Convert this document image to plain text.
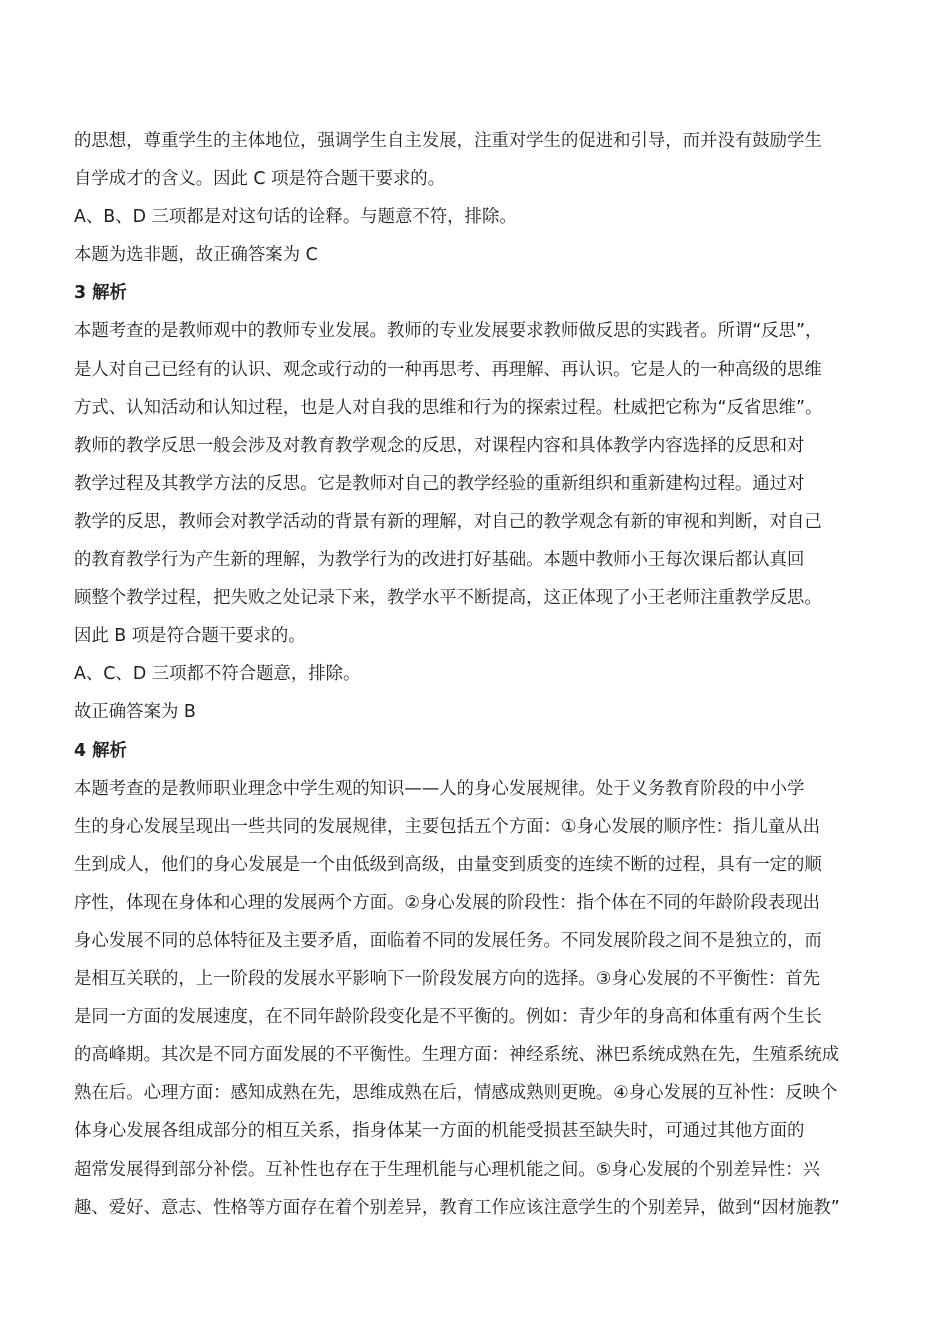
的思想，尊重学生的主体地位，强调学生自主发展，注重对学生的促进和引导，而并没有鼓励学生
自学成才的含义。因此 C 项是符合题干要求的。
A、B、D 三项都是对这句话的诠释。与题意不符，排除。
本题为选非题，故正确答案为 C
3 解析
本题考查的是教师观中的教师专业发展。教师的专业发展要求教师做反思的实践者。所谓“反思”，
是人对自己已经有的认识、观念或行动的一种再思考、再理解、再认识。它是人的一种高级的思维
方式、认知活动和认知过程，也是人对自我的思维和行为的探索过程。杜威把它称为“反省思维”。
教师的教学反思一般会涉及对教育教学观念的反思，对课程内容和具体教学内容选择的反思和对
教学过程及其教学方法的反思。它是教师对自己的教学经验的重新组织和重新建构过程。通过对
教学的反思，教师会对教学活动的背景有新的理解，对自己的教学观念有新的审视和判断，对自己
的教育教学行为产生新的理解，为教学行为的改进打好基础。本题中教师小王每次课后都认真回
顾整个教学过程，把失败之处记录下来，教学水平不断提高，这正体现了小王老师注重教学反思。
因此 B 项是符合题干要求的。
A、C、D 三项都不符合题意，排除。
故正确答案为 B
4 解析
本题考查的是教师职业理念中学生观的知识——人的身心发展规律。处于义务教育阶段的中小学
生的身心发展呈现出一些共同的发展规律，主要包括五个方面：①身心发展的顺序性：指儿童从出
生到成人，他们的身心发展是一个由低级到高级，由量变到质变的连续不断的过程，具有一定的顺
序性，体现在身体和心理的发展两个方面。②身心发展的阶段性：指个体在不同的年龄阶段表现出
身心发展不同的总体特征及主要矛盾，面临着不同的发展任务。不同发展阶段之间不是独立的，而
是相互关联的，上一阶段的发展水平影响下一阶段发展方向的选择。③身心发展的不平衡性：首先
是同一方面的发展速度，在不同年龄阶段变化是不平衡的。例如：青少年的身高和体重有两个生长
的高峰期。其次是不同方面发展的不平衡性。生理方面：神经系统、淋巴系统成熟在先，生殖系统成
熟在后。心理方面：感知成熟在先，思维成熟在后，情感成熟则更晚。④身心发展的互补性：反映个
体身心发展各组成部分的相互关系，指身体某一方面的机能受损甚至缺失时，可通过其他方面的
超常发展得到部分补偿。互补性也存在于生理机能与心理机能之间。⑤身心发展的个别差异性：兴
趣、爱好、意志、性格等方面存在着个别差异，教育工作应该注意学生的个别差异，做到“因材施教”
